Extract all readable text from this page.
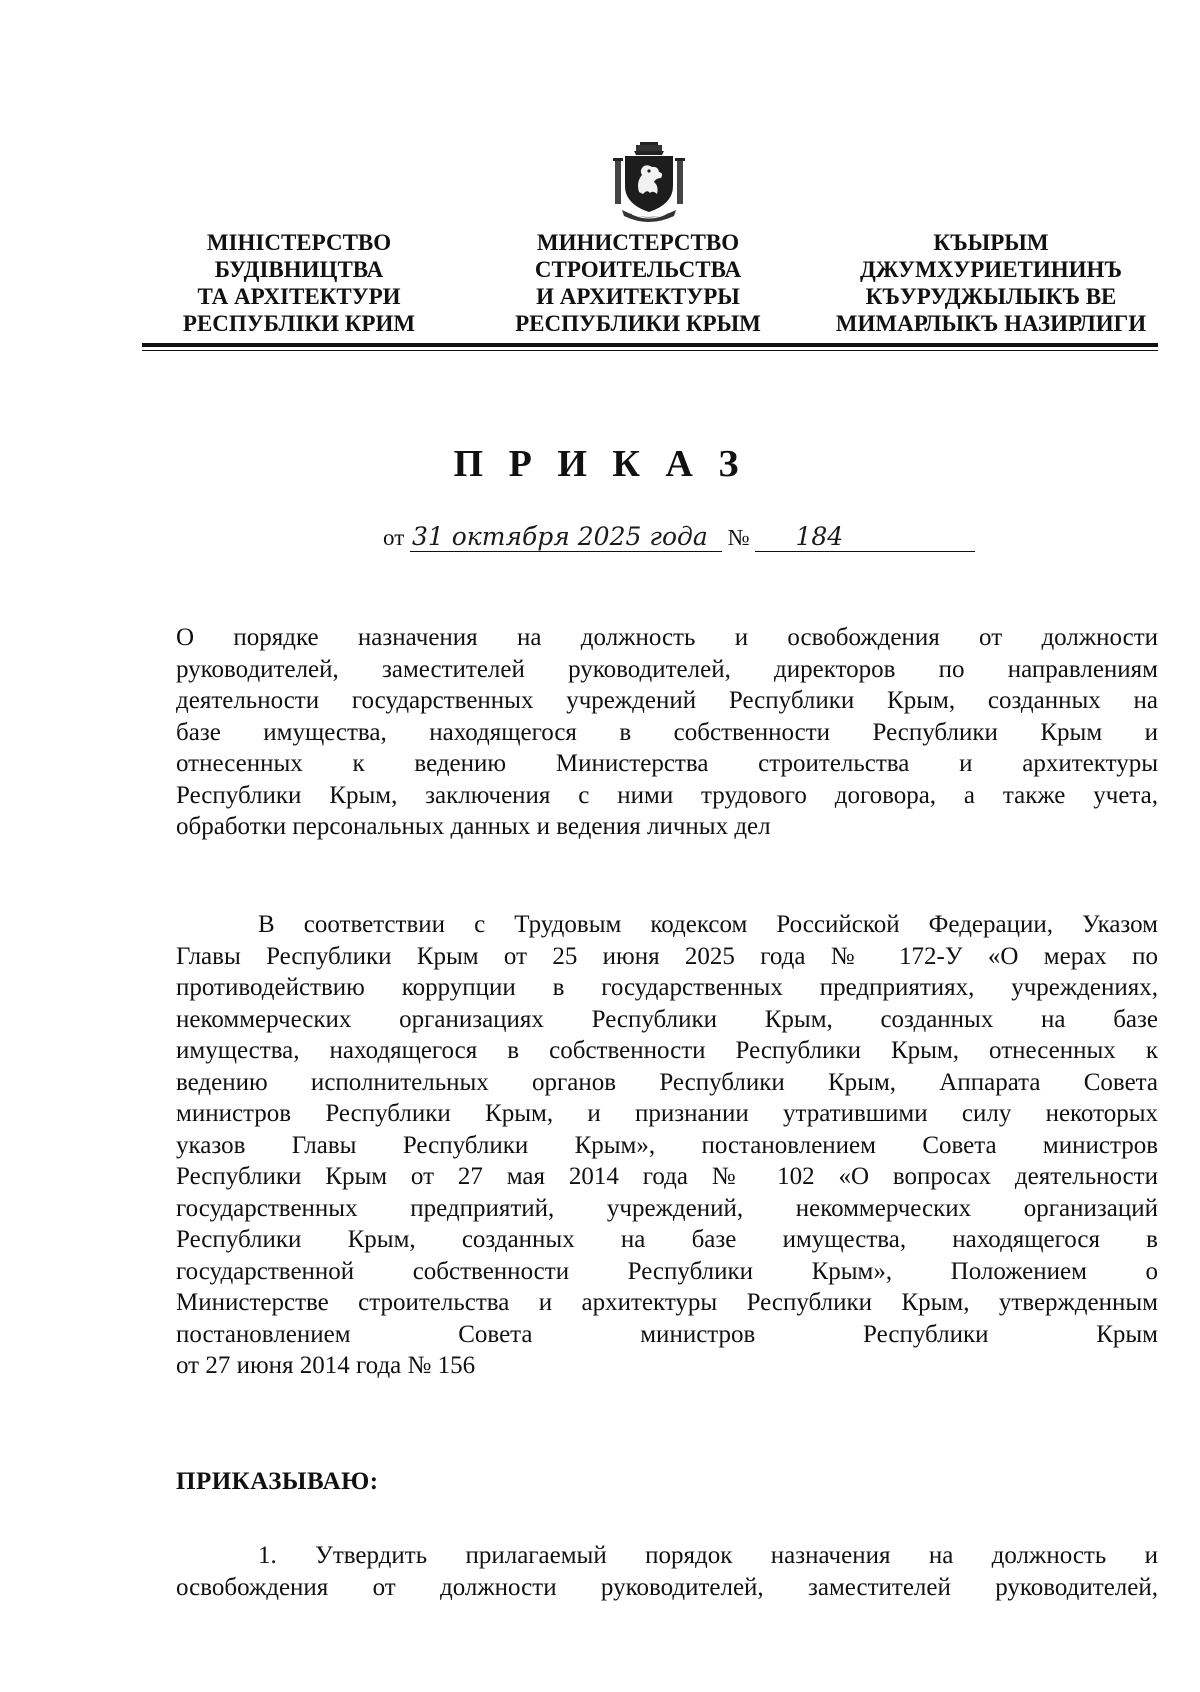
МІНІСТЕРСТВО
БУДІВНИЦТВА
ТА АРХІТЕКТУРИ
РЕСПУБЛІКИ КРИМ
МИНИСТЕРСТВО
СТРОИТЕЛЬСТВА
И АРХИТЕКТУРЫ
РЕСПУБЛИКИ КРЫМ
КЪЫРЫМ
ДЖУМХУРИЕТИНИНЪ
КЪУРУДЖЫЛЫКЪ ВЕ
МИМАРЛЫКЪ НАЗИРЛИГИ
П Р И К А З
от 31 октября 2025 года № 184
О порядке назначения на должность и освобождения от должности
руководителей, заместителей руководителей, директоров по направлениям
деятельности государственных учреждений Республики Крым, созданных на
базе имущества, находящегося в собственности Республики Крым и
отнесенных к ведению Министерства строительства и архитектуры
Республики Крым, заключения с ними трудового договора, а также учета,
обработки персональных данных и ведения личных дел
В соответствии с Трудовым кодексом Российской Федерации, Указом
Главы Республики Крым от 25 июня 2025 года № 172-У «О мерах по
противодействию коррупции в государственных предприятиях, учреждениях,
некоммерческих организациях Республики Крым, созданных на базе
имущества, находящегося в собственности Республики Крым, отнесенных к
ведению исполнительных органов Республики Крым, Аппарата Совета
министров Республики Крым, и признании утратившими силу некоторых
указов Главы Республики Крым», постановлением Совета министров
Республики Крым от 27 мая 2014 года № 102 «О вопросах деятельности
государственных предприятий, учреждений, некоммерческих организаций
Республики Крым, созданных на базе имущества, находящегося в
государственной собственности Республики Крым», Положением о
Министерстве строительства и архитектуры Республики Крым, утвержденным
постановлением Совета министров Республики Крым
от 27 июня 2014 года № 156
ПРИКАЗЫВАЮ:
1. Утвердить прилагаемый порядок назначения на должность и
освобождения от должности руководителей, заместителей руководителей,
